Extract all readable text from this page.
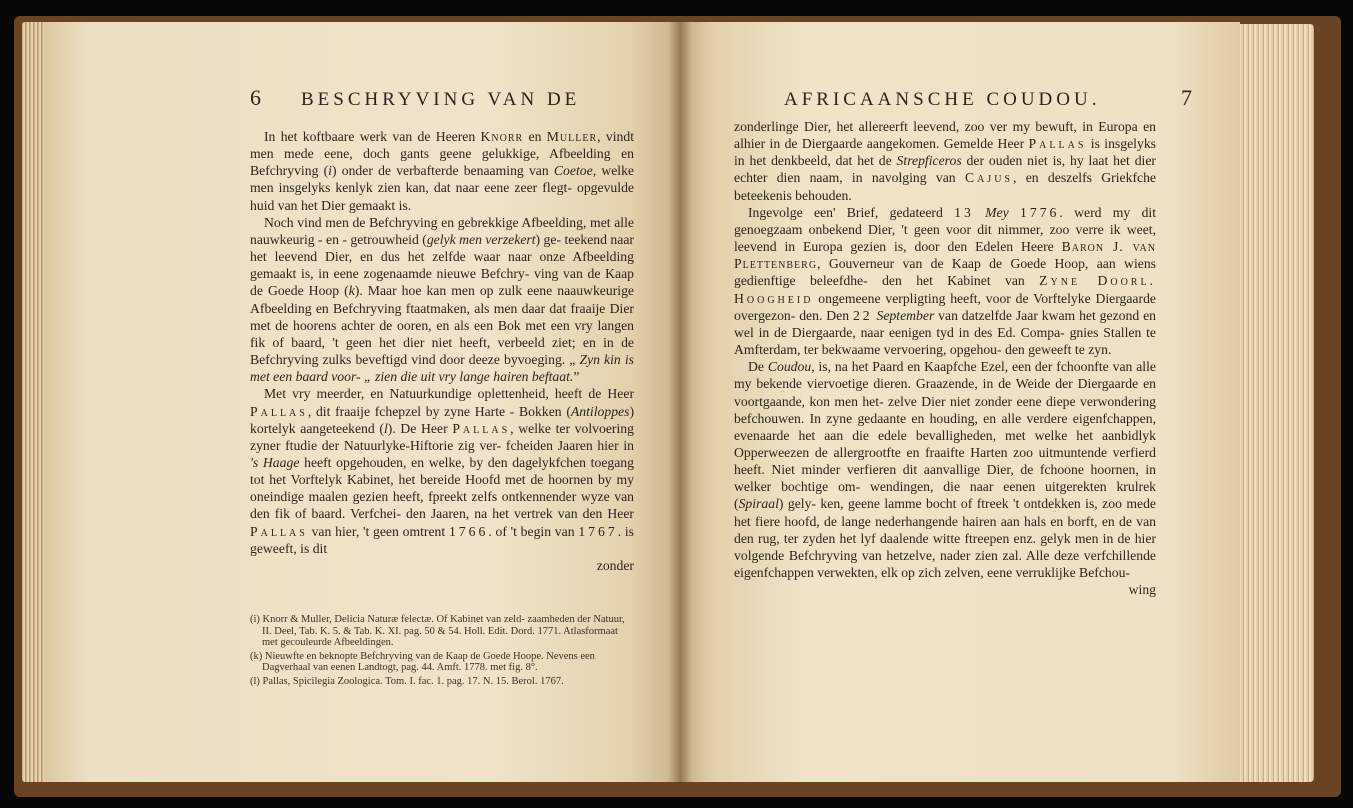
6 BESCHRYVING VAN DE

In het koftbaare werk van de Heeren Knorr en Muller, vindt men mede eene, doch gants geene gelukkige, Afbeelding en Befchryving (i) onder de verbafterde benaaming van Coetoe, welke men insgelyks kenlyk zien kan, dat naar eene zeer flegt- opgevulde huid van het Dier gemaakt is.

Noch vind men de Befchryving en gebrekkige Afbeelding, met alle nauwkeurig - en - getrouwheid (gelyk men verzekert) ge- teekend naar het leevend Dier, en dus het zelfde waar naar onze Afbeelding gemaakt is, in eene zogenaamde nieuwe Befchry- ving van de Kaap de Goede Hoop (k). Maar hoe kan men op zulk eene naauwkeurige Afbeelding en Befchryving ftaatmaken, als men daar dat fraaije Dier met de hoorens achter de ooren, en als een Bok met een vry langen fik of baard, 't geen het dier niet heeft, verbeeld ziet; en in de Befchryving zulks beveftigd vind door deeze byvoeging. „ Zyn kin is met een baard voor- „ zien die uit vry lange hairen beftaat.”

Met vry meerder, en Natuurkundige oplettenheid, heeft de Heer Pallas, dit fraaije fchepzel by zyne Harte - Bokken (Antiloppes) kortelyk aangeteekend (l). De Heer Pallas, welke ter volvoering zyner ftudie der Natuurlyke-Hiftorie zig ver- fcheiden Jaaren hier in 's Haage heeft opgehouden, en welke, by den dagelykfchen toegang tot het Vorftelyk Kabinet, het bereide Hoofd met de hoornen by my oneindige maalen gezien heeft, fpreekt zelfs ontkennender wyze van den fik of baard. Verfchei- den Jaaren, na het vertrek van den Heer Pallas van hier, 't geen omtrent 1766. of 't begin van 1767. is geweeft, is dit

zonder
(i) Knorr & Muller, Delicia Naturæ felectæ. Of Kabinet van zeld- zaamheden der Natuur, II. Deel, Tab. K. 5. & Tab. K. XI. pag. 50 & 54. Holl. Edit. Dord. 1771. Atlasformaat met gecouleurde Afbeeldingen.
(k) Nieuwfte en beknopte Befchryving van de Kaap de Goede Hoope. Nevens een Dagverhaal van eenen Landtogt, pag. 44. Amft. 1778. met fig. 8°.
(l) Pallas, Spicilegia Zoologica. Tom. I. fac. 1. pag. 17. N. 15. Berol. 1767.
AFRICAANSCHE COUDOU.	7

zonderlinge Dier, het allereerft leevend, zoo ver my bewuft, in Europa en alhier in de Diergaarde aangekomen. Gemelde Heer Pallas is insgelyks in het denkbeeld, dat het de Strepficeros der ouden niet is, hy laat het dier echter dien naam, in navolging van Cajus, en deszelfs Griekfche beteekenis behouden.

Ingevolge een' Brief, gedateerd 13 Mey 1776. werd my dit genoegzaam onbekend Dier, 't geen voor dit nimmer, zoo verre ik weet, leevend in Europa gezien is, door den Edelen Heere Baron J. van Plettenberg, Gouverneur van de Kaap de Goede Hoop, aan wiens gedienftige beleefdhe- den het Kabinet van Zyne Doorl. Hoogheid ongemeene verpligting heeft, voor de Vorftelyke Diergaarde overgezon- den. Den 22 September van datzelfde Jaar kwam het gezond en wel in de Diergaarde, naar eenigen tyd in des Ed. Compa- gnies Stallen te Amfterdam, ter bekwaame vervoering, opgehou- den geweeft te zyn.

De Coudou, is, na het Paard en Kaapfche Ezel, een der fchoonfte van alle my bekende viervoetige dieren. Graazende, in de Weide der Diergaarde en voortgaande, kon men het- zelve Dier niet zonder eene diepe verwondering befchouwen. In zyne gedaante en houding, en alle verdere eigenfchappen, evenaarde het aan die edele bevalligheden, met welke het aanbidlyk Opperweezen de allergrootfte en fraaifte Harten zoo uitmuntende verfierd heeft. Niet minder verfieren dit aanvallige Dier, de fchoone hoornen, in welker bochtige om- wendingen, die naar eenen uitgerekten krulrek (Spiraal) gely- ken, geene lamme bocht of ftreek 't ontdekken is, zoo mede het fiere hoofd, de lange nederhangende hairen aan hals en borft, en de van den rug, ter zyden het lyf daalende witte ftreepen enz. gelyk men in de hier volgende Befchryving van hetzelve, nader zien zal. Alle deze verfchillende eigenfchappen verwekten, elk op zich zelven, eene verruklijke Befchou-

wing
